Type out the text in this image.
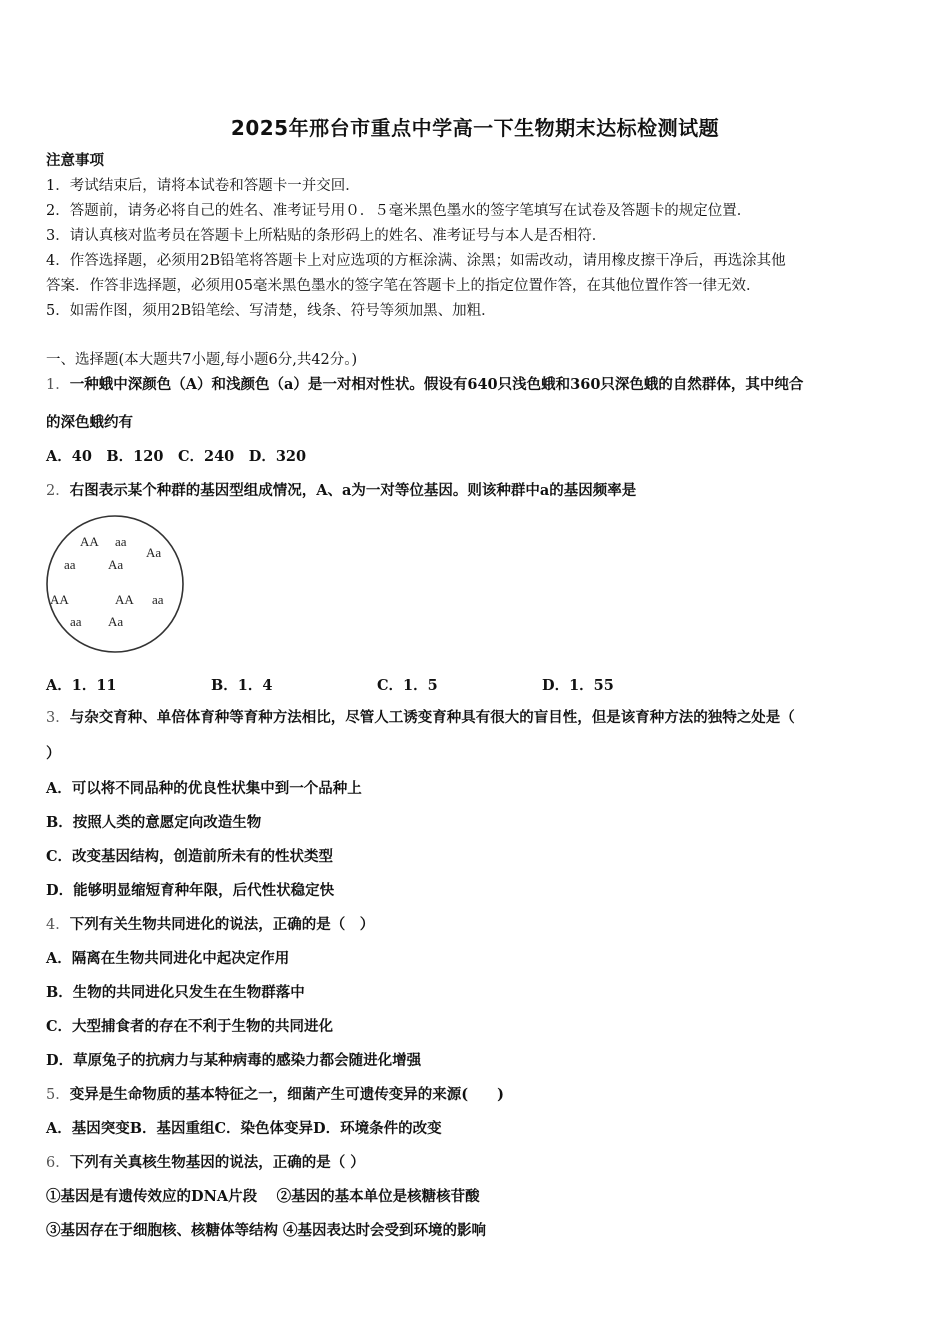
2025年邢台市重点中学高一下生物期末达标检测试题
注意事项
1．考试结束后，请将本试卷和答题卡一并交回．
2．答题前，请务必将自己的姓名、准考证号用０．５毫米黑色墨水的签字笔填写在试卷及答题卡的规定位置．
3．请认真核对监考员在答题卡上所粘贴的条形码上的姓名、准考证号与本人是否相符．
4．作答选择题，必须用2B铅笔将答题卡上对应选项的方框涂满、涂黑；如需改动，请用橡皮擦干净后，再选涂其他
答案．作答非选择题，必须用05毫米黑色墨水的签字笔在答题卡上的指定位置作答，在其他位置作答一律无效．
5．如需作图，须用2B铅笔绘、写清楚，线条、符号等须加黑、加粗．
一、选择题(本大题共7小题,每小题6分,共42分。)
1．一种蛾中深颜色（A）和浅颜色（a）是一对相对性状。假设有640只浅色蛾和360只深色蛾的自然群体，其中纯合
的深色蛾约有
A．40　B．120　C．240　D．320
2．右图表示某个种群的基因型组成情况，A、a为一对等位基因。则该种群中a的基因频率是
AA aa
Aa
aa Aa
AA	AA aa
aa Aa
A．1．11	B．1．4	C．1．5	D．1．55
3．与杂交育种、单倍体育种等育种方法相比，尽管人工诱变育种具有很大的盲目性，但是该育种方法的独特之处是（
）
A．可以将不同品种的优良性状集中到一个品种上
B．按照人类的意愿定向改造生物
C．改变基因结构，创造前所未有的性状类型
D．能够明显缩短育种年限，后代性状稳定快
4．下列有关生物共同进化的说法，正确的是（　）
A．隔离在生物共同进化中起决定作用
B．生物的共同进化只发生在生物群落中
C．大型捕食者的存在不利于生物的共同进化
D．草原兔子的抗病力与某种病毒的感染力都会随进化增强
5．变异是生命物质的基本特征之一，细菌产生可遗传变异的来源(　　)
A．基因突变B．基因重组C．染色体变异D．环境条件的改变
6．下列有关真核生物基因的说法，正确的是（ ）
①基因是有遗传效应的DNA片段　 ②基因的基本单位是核糖核苷酸
③基因存在于细胞核、核糖体等结构 ④基因表达时会受到环境的影响
